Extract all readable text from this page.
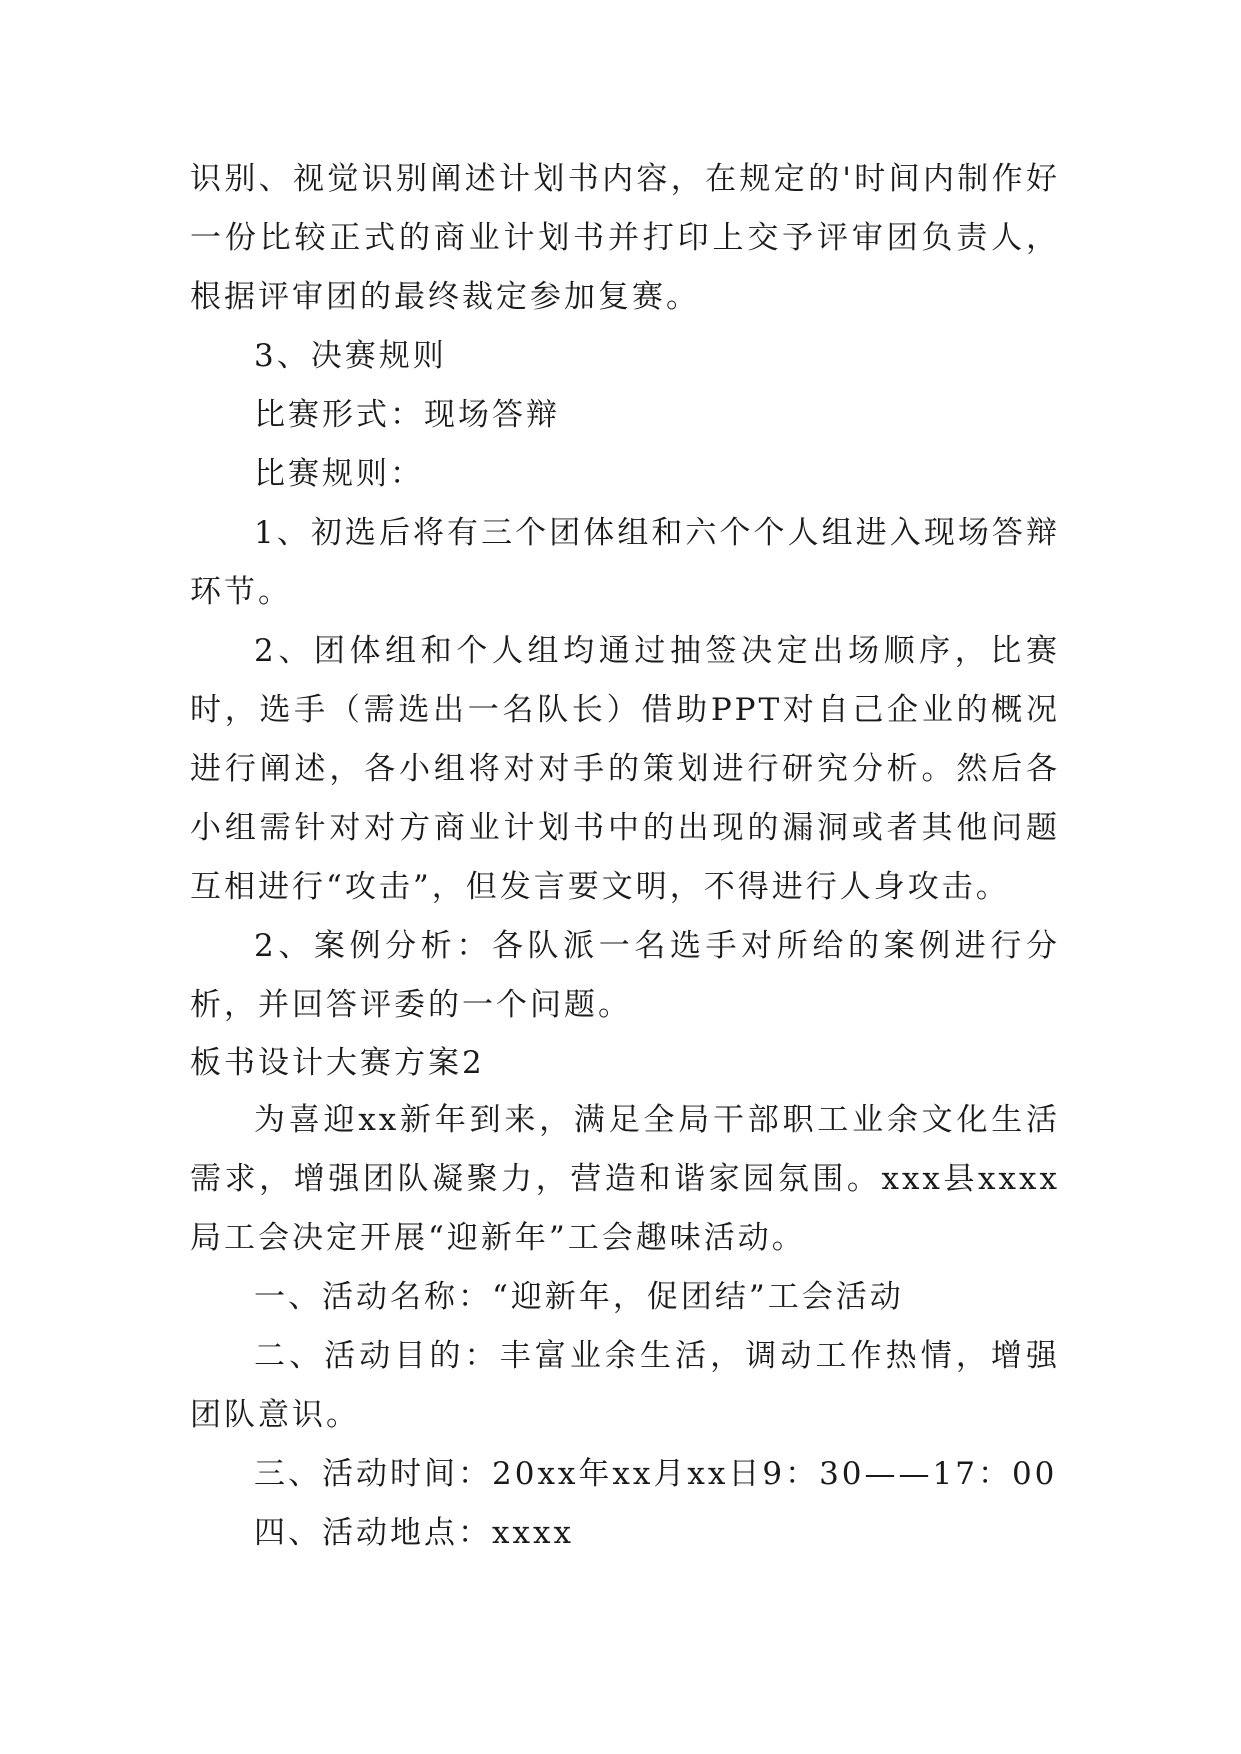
识别、视觉识别阐述计划书内容，在规定的'时间内制作好一份比较正式的商业计划书并打印上交予评审团负责人，根据评审团的最终裁定参加复赛。

3、决赛规则

比赛形式：现场答辩

比赛规则：

1、初选后将有三个团体组和六个个人组进入现场答辩环节。

2、团体组和个人组均通过抽签决定出场顺序，比赛时，选手（需选出一名队长）借助PPT对自己企业的概况进行阐述，各小组将对对手的策划进行研究分析。然后各小组需针对对方商业计划书中的出现的漏洞或者其他问题互相进行“攻击”，但发言要文明，不得进行人身攻击。

2、案例分析：各队派一名选手对所给的案例进行分析，并回答评委的一个问题。

板书设计大赛方案2

为喜迎xx新年到来，满足全局干部职工业余文化生活需求，增强团队凝聚力，营造和谐家园氛围。xxx县xxxx局工会决定开展“迎新年”工会趣味活动。

一、活动名称：“迎新年，促团结”工会活动

二、活动目的：丰富业余生活，调动工作热情，增强团队意识。

三、活动时间：20xx年xx月xx日9：30——17：00

四、活动地点：xxxx
